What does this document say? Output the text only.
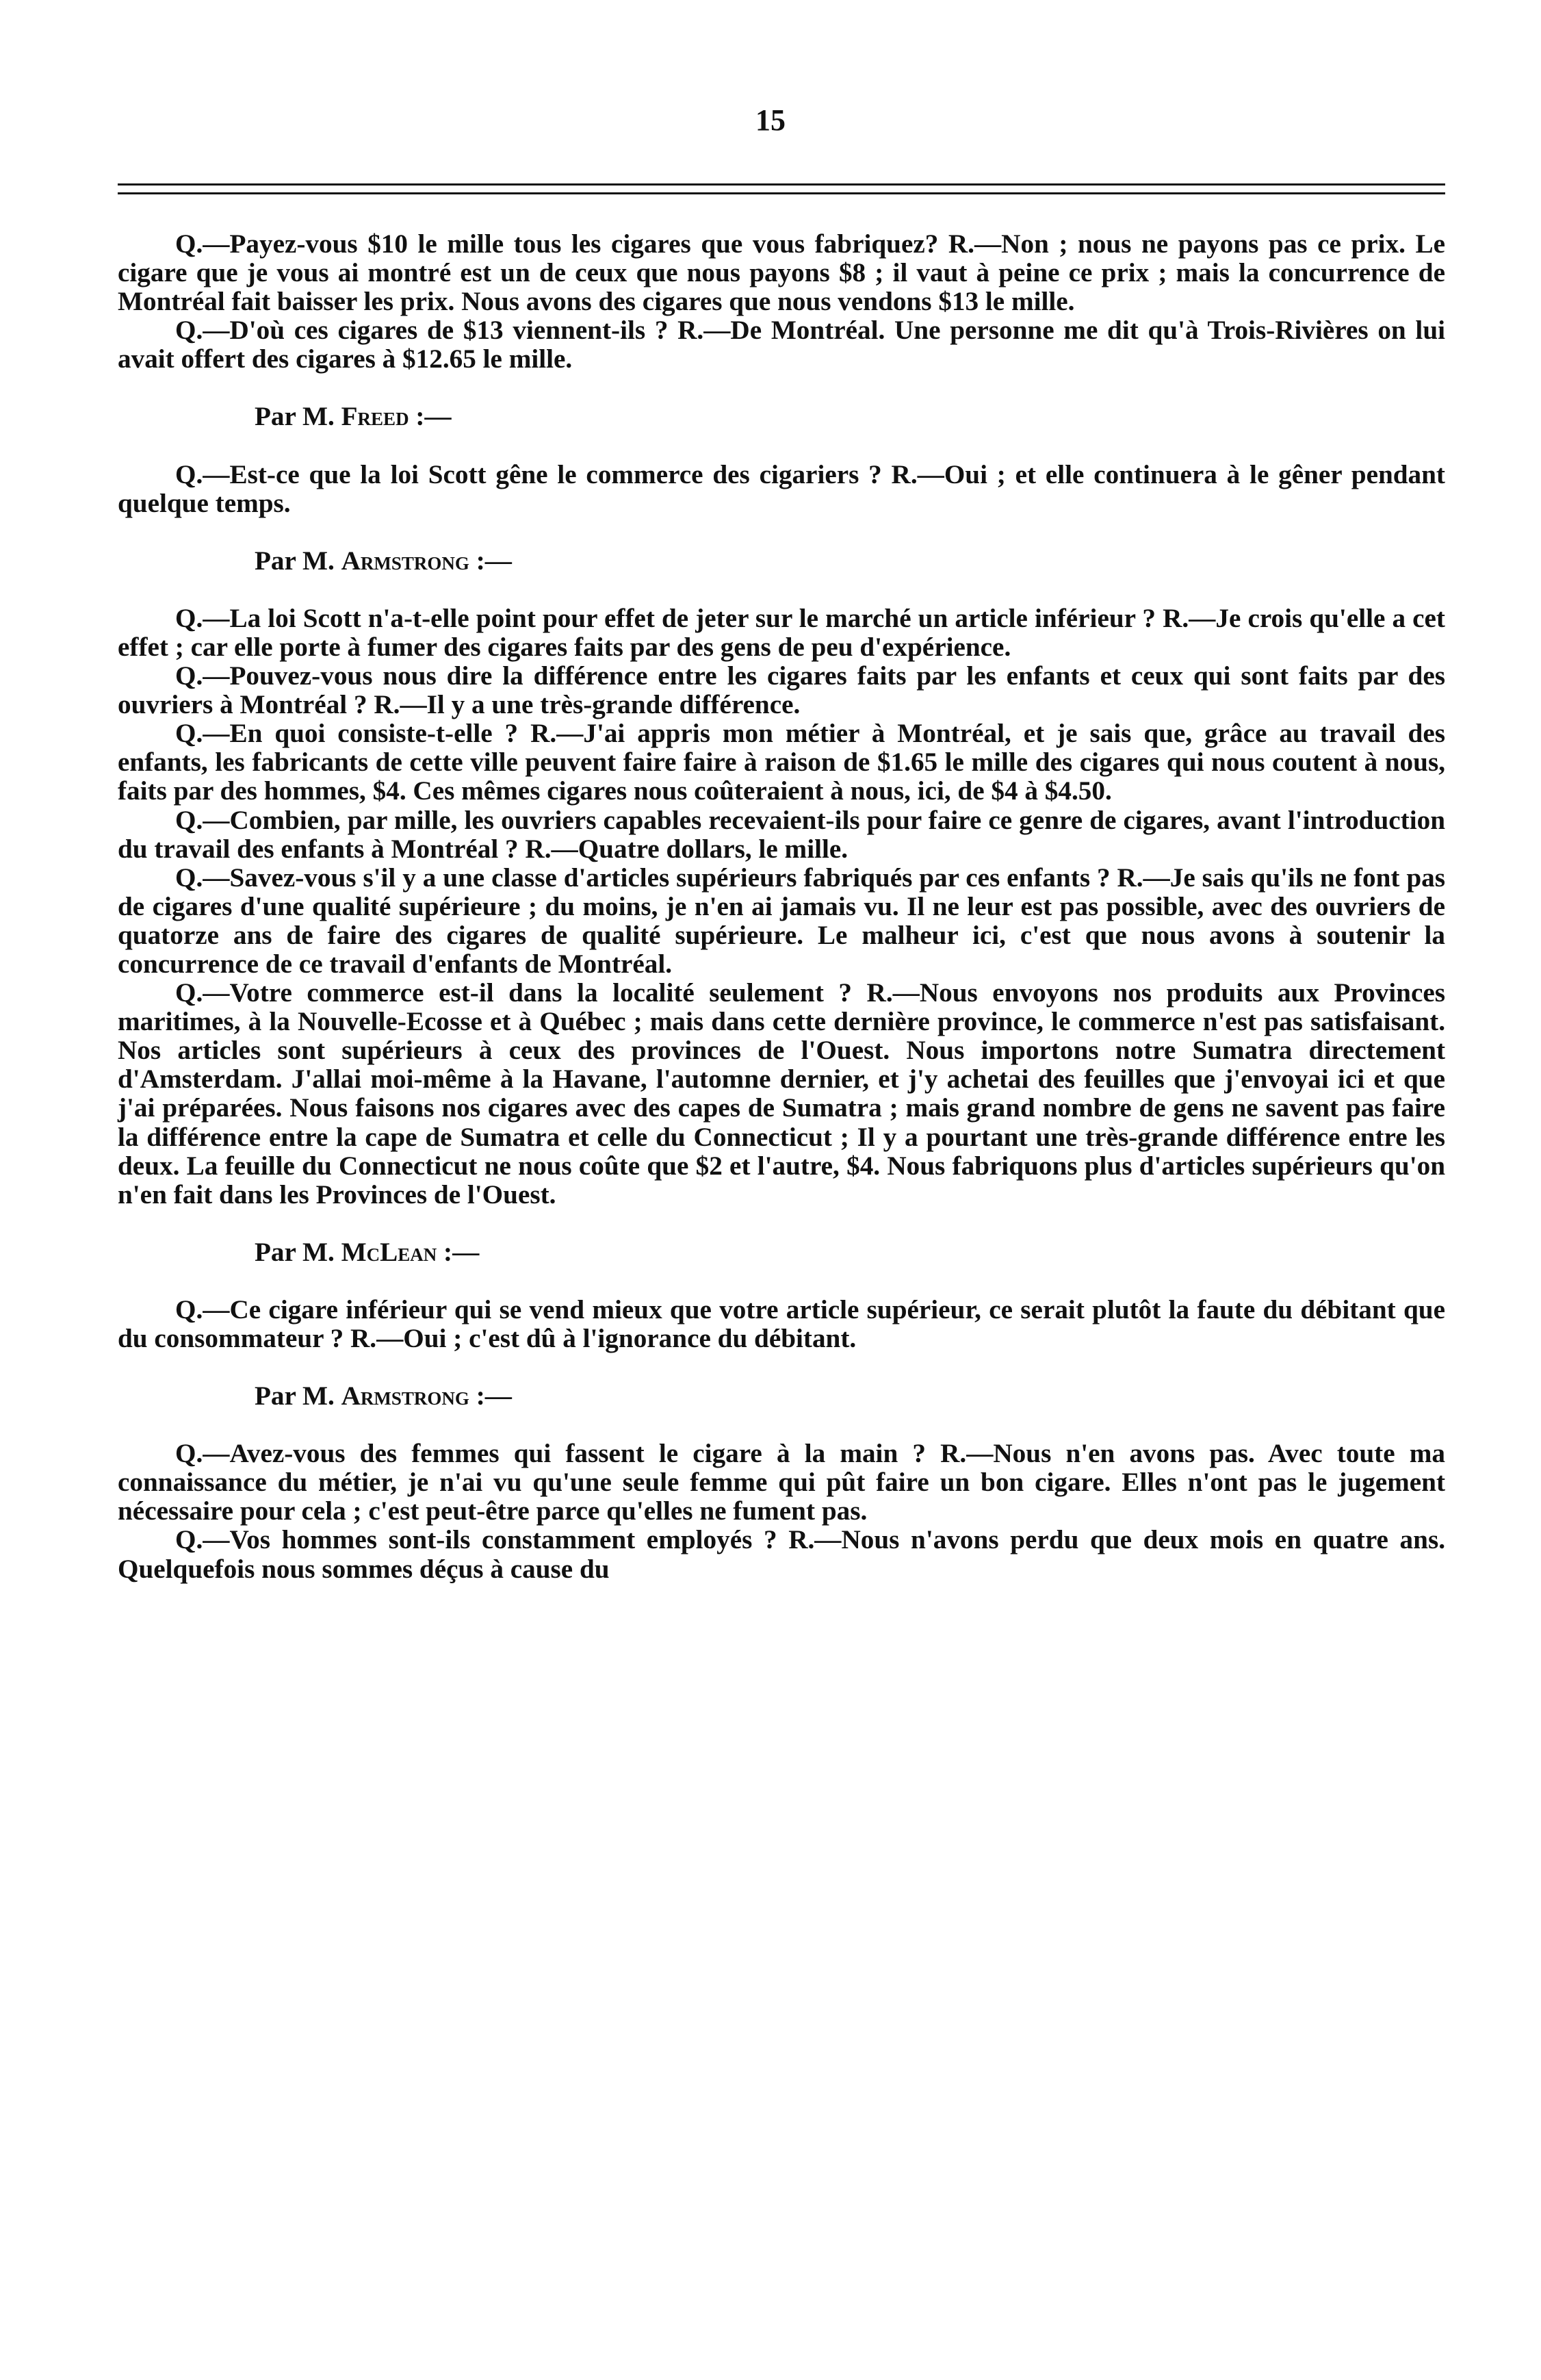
15

Q.—Payez-vous $10 le mille tous les cigares que vous fabriquez? R.—Non ; nous ne payons pas ce prix. Le cigare que je vous ai montré est un de ceux que nous payons $8 ; il vaut à peine ce prix ; mais la concurrence de Montréal fait baisser les prix. Nous avons des cigares que nous vendons $13 le mille.

Q.—D'où ces cigares de $13 viennent-ils ? R.—De Montréal. Une personne me dit qu'à Trois-Rivières on lui avait offert des cigares à $12.65 le mille.

Par M. Freed :—

Q.—Est-ce que la loi Scott gêne le commerce des cigariers ? R.—Oui ; et elle continuera à le gêner pendant quelque temps.

Par M. Armstrong :—

Q.—La loi Scott n'a-t-elle point pour effet de jeter sur le marché un article inférieur ? R.—Je crois qu'elle a cet effet ; car elle porte à fumer des cigares faits par des gens de peu d'expérience.

Q.—Pouvez-vous nous dire la différence entre les cigares faits par les enfants et ceux qui sont faits par des ouvriers à Montréal ? R.—Il y a une très-grande différence.

Q.—En quoi consiste-t-elle ? R.—J'ai appris mon métier à Montréal, et je sais que, grâce au travail des enfants, les fabricants de cette ville peuvent faire faire à raison de $1.65 le mille des cigares qui nous coutent à nous, faits par des hommes, $4. Ces mêmes cigares nous coûteraient à nous, ici, de $4 à $4.50.

Q.—Combien, par mille, les ouvriers capables recevaient-ils pour faire ce genre de cigares, avant l'introduction du travail des enfants à Montréal ? R.—Quatre dollars, le mille.

Q.—Savez-vous s'il y a une classe d'articles supérieurs fabriqués par ces enfants ? R.—Je sais qu'ils ne font pas de cigares d'une qualité supérieure ; du moins, je n'en ai jamais vu. Il ne leur est pas possible, avec des ouvriers de quatorze ans de faire des cigares de qualité supérieure. Le malheur ici, c'est que nous avons à soutenir la concurrence de ce travail d'enfants de Montréal.

Q.—Votre commerce est-il dans la localité seulement ? R.—Nous envoyons nos produits aux Provinces maritimes, à la Nouvelle-Ecosse et à Québec ; mais dans cette dernière province, le commerce n'est pas satisfaisant. Nos articles sont supérieurs à ceux des provinces de l'Ouest. Nous importons notre Sumatra directement d'Amsterdam. J'allai moi-même à la Havane, l'automne dernier, et j'y achetai des feuilles que j'envoyai ici et que j'ai préparées. Nous faisons nos cigares avec des capes de Sumatra ; mais grand nombre de gens ne savent pas faire la différence entre la cape de Sumatra et celle du Connecticut ; Il y a pourtant une très-grande différence entre les deux. La feuille du Connecticut ne nous coûte que $2 et l'autre, $4. Nous fabriquons plus d'articles supérieurs qu'on n'en fait dans les Provinces de l'Ouest.

Par M. McLean :—

Q.—Ce cigare inférieur qui se vend mieux que votre article supérieur, ce serait plutôt la faute du débitant que du consommateur ? R.—Oui ; c'est dû à l'ignorance du débitant.

Par M. Armstrong :—

Q.—Avez-vous des femmes qui fassent le cigare à la main ? R.—Nous n'en avons pas. Avec toute ma connaissance du métier, je n'ai vu qu'une seule femme qui pût faire un bon cigare. Elles n'ont pas le jugement nécessaire pour cela ; c'est peut-être parce qu'elles ne fument pas.

Q.—Vos hommes sont-ils constamment employés ? R.—Nous n'avons perdu que deux mois en quatre ans. Quelquefois nous sommes déçus à cause du
